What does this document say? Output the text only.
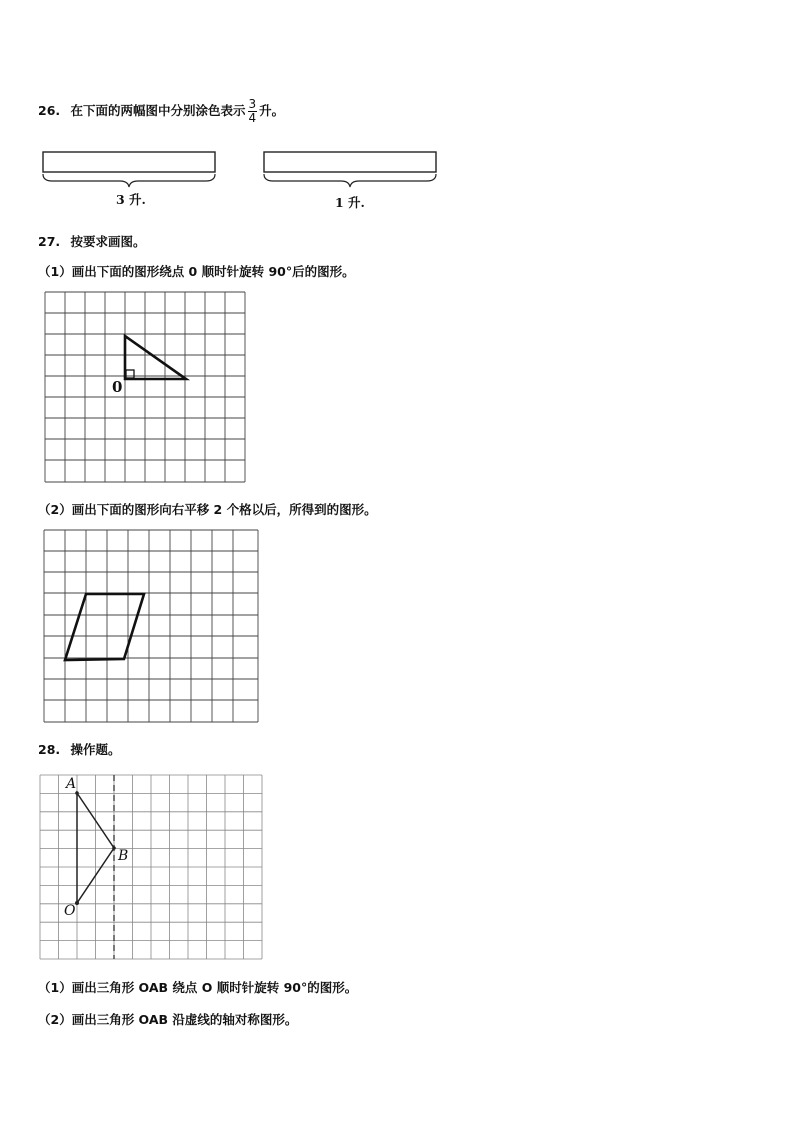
26. 在下面的两幅图中分别涂色表示 $\frac{3}{4}$ 升。
3 升.	1 升.
27. 按要求画图。
（1）画出下面的图形绕点 0 顺时针旋转 90°后的图形。
0
（2）画出下面的图形向右平移 2 个格以后，所得到的图形。
28. 操作题。
A
B
O
（1）画出三角形 OAB 绕点 O 顺时针旋转 90°的图形。
（2）画出三角形 OAB 沿虚线的轴对称图形。
